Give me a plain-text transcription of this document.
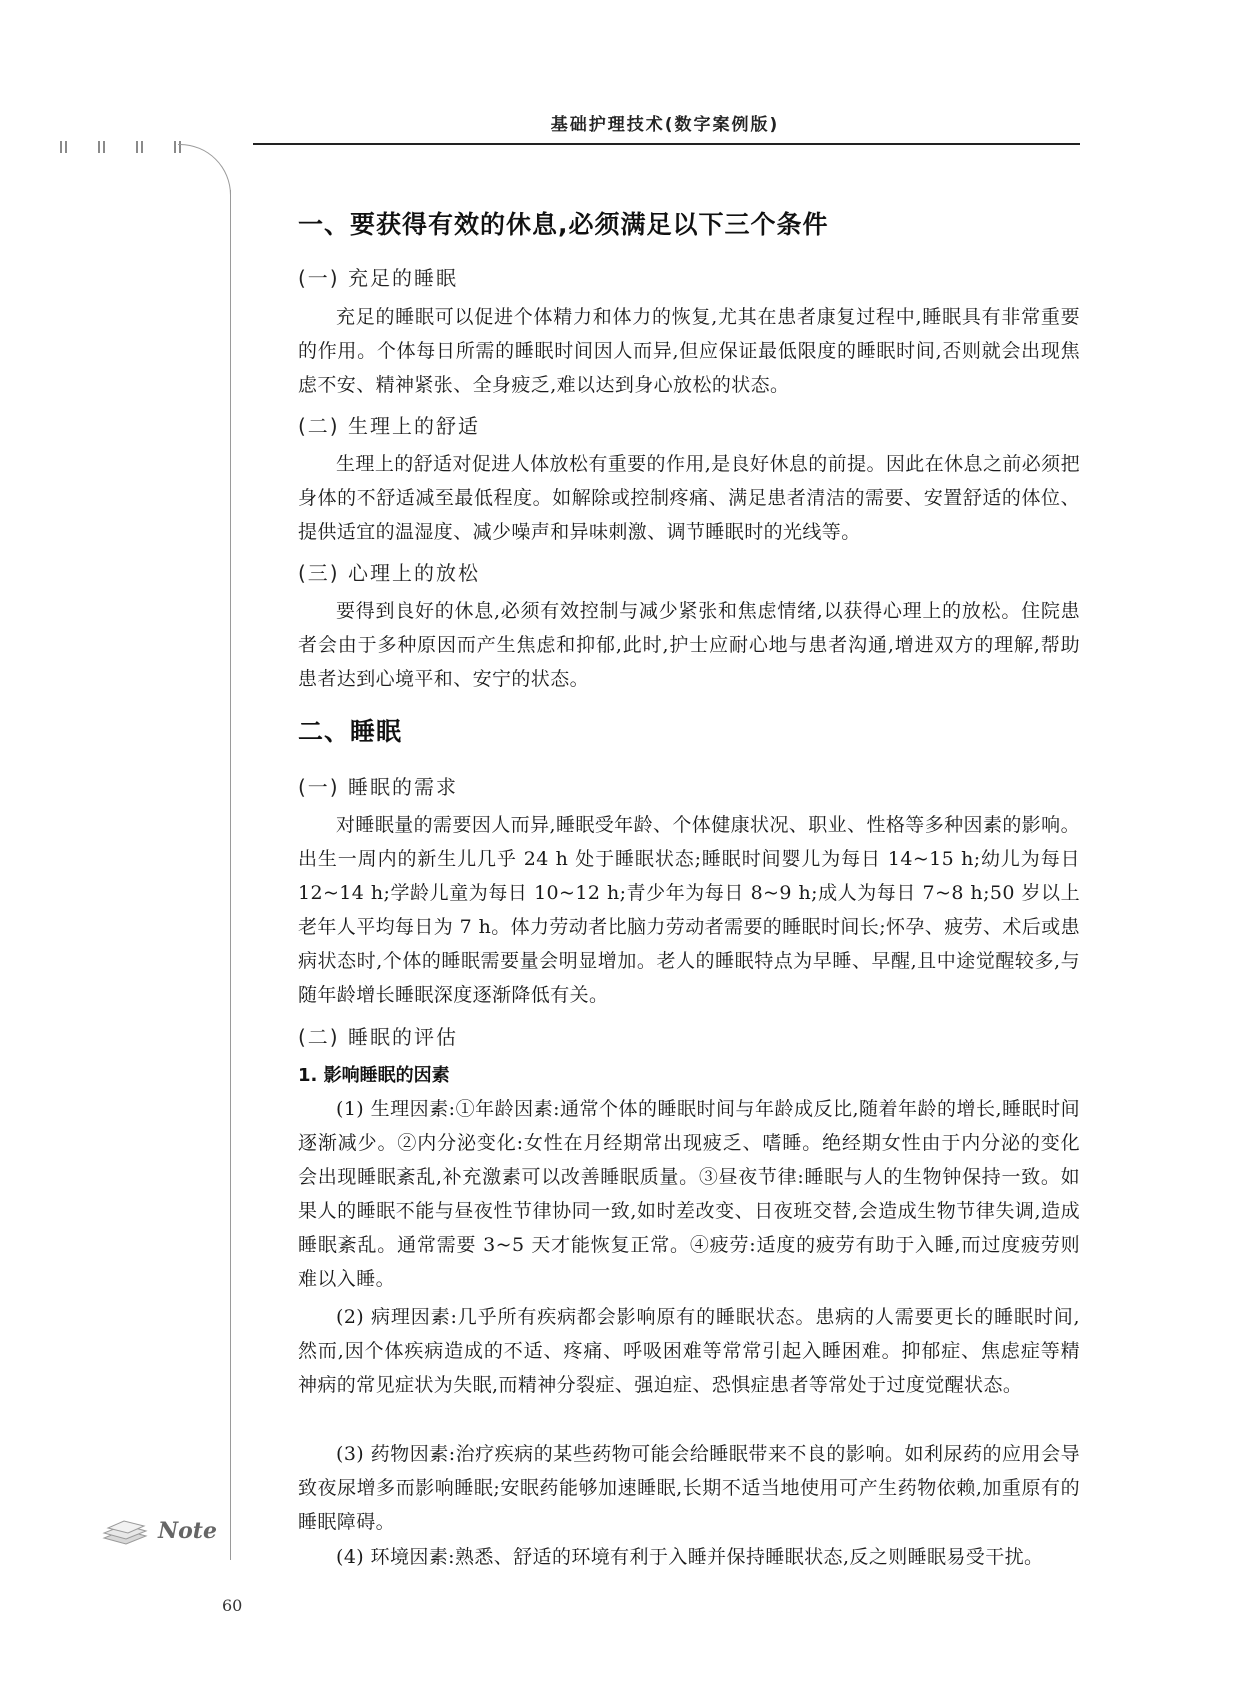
基础护理技术(数字案例版)
一、要获得有效的休息,必须满足以下三个条件
(一) 充足的睡眠
充足的睡眠可以促进个体精力和体力的恢复,尤其在患者康复过程中,睡眠具有非常重要的作用。个体每日所需的睡眠时间因人而异,但应保证最低限度的睡眠时间,否则就会出现焦虑不安、精神紧张、全身疲乏,难以达到身心放松的状态。
(二) 生理上的舒适
生理上的舒适对促进人体放松有重要的作用,是良好休息的前提。因此在休息之前必须把身体的不舒适减至最低程度。如解除或控制疼痛、满足患者清洁的需要、安置舒适的体位、提供适宜的温湿度、减少噪声和异味刺激、调节睡眠时的光线等。
(三) 心理上的放松
要得到良好的休息,必须有效控制与减少紧张和焦虑情绪,以获得心理上的放松。住院患者会由于多种原因而产生焦虑和抑郁,此时,护士应耐心地与患者沟通,增进双方的理解,帮助患者达到心境平和、安宁的状态。
二、睡眠
(一) 睡眠的需求
对睡眠量的需要因人而异,睡眠受年龄、个体健康状况、职业、性格等多种因素的影响。出生一周内的新生儿几乎 24 h 处于睡眠状态;睡眠时间婴儿为每日 14~15 h;幼儿为每日 12~14 h;学龄儿童为每日 10~12 h;青少年为每日 8~9 h;成人为每日 7~8 h;50 岁以上老年人平均每日为 7 h。体力劳动者比脑力劳动者需要的睡眠时间长;怀孕、疲劳、术后或患病状态时,个体的睡眠需要量会明显增加。老人的睡眠特点为早睡、早醒,且中途觉醒较多,与随年龄增长睡眠深度逐渐降低有关。
(二) 睡眠的评估
1. 影响睡眠的因素
(1) 生理因素:①年龄因素:通常个体的睡眠时间与年龄成反比,随着年龄的增长,睡眠时间逐渐减少。②内分泌变化:女性在月经期常出现疲乏、嗜睡。绝经期女性由于内分泌的变化会出现睡眠紊乱,补充激素可以改善睡眠质量。③昼夜节律:睡眠与人的生物钟保持一致。如果人的睡眠不能与昼夜性节律协同一致,如时差改变、日夜班交替,会造成生物节律失调,造成睡眠紊乱。通常需要 3~5 天才能恢复正常。④疲劳:适度的疲劳有助于入睡,而过度疲劳则难以入睡。
(2) 病理因素:几乎所有疾病都会影响原有的睡眠状态。患病的人需要更长的睡眠时间,然而,因个体疾病造成的不适、疼痛、呼吸困难等常常引起入睡困难。抑郁症、焦虑症等精神病的常见症状为失眠,而精神分裂症、强迫症、恐惧症患者等常处于过度觉醒状态。
(3) 药物因素:治疗疾病的某些药物可能会给睡眠带来不良的影响。如利尿药的应用会导致夜尿增多而影响睡眠;安眠药能够加速睡眠,长期不适当地使用可产生药物依赖,加重原有的睡眠障碍。
(4) 环境因素:熟悉、舒适的环境有利于入睡并保持睡眠状态,反之则睡眠易受干扰。
Note
60
